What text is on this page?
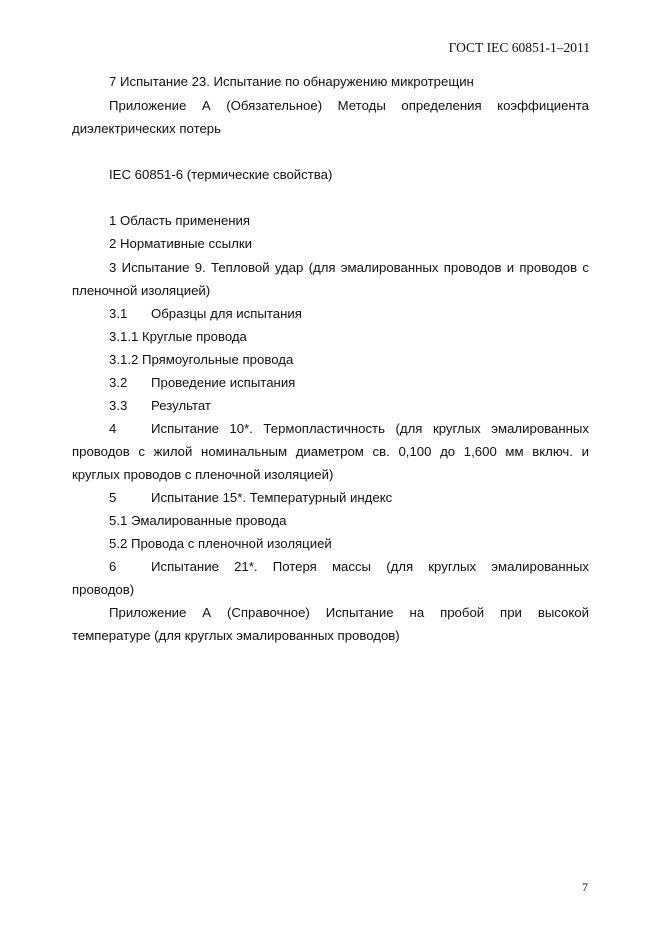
ГОСТ IEC 60851-1–2011
7 Испытание 23. Испытание по обнаружению микротрещин
Приложение А (Обязательное) Методы определения коэффициента
диэлектрических потерь
IEC 60851-6 (термические свойства)
1 Область применения
2 Нормативные ссылки
3 Испытание 9. Тепловой удар (для эмалированных проводов и проводов с
пленочной изоляцией)
3.1 Образцы для испытания
3.1.1 Круглые провода
3.1.2 Прямоугольные провода
3.2 Проведение испытания
3.3 Результат
4	Испытание 10*. Термопластичность (для круглых эмалированных
проводов с жилой номинальным диаметром св. 0,100 до 1,600 мм включ. и
круглых проводов с пленочной изоляцией)
5	Испытание 15*. Температурный индекс
5.1 Эмалированные провода
5.2 Провода с пленочной изоляцией
6	Испытание 21*. Потеря массы (для круглых эмалированных
проводов)
Приложение А (Справочное) Испытание на пробой при высокой
температуре (для круглых эмалированных проводов)
7
